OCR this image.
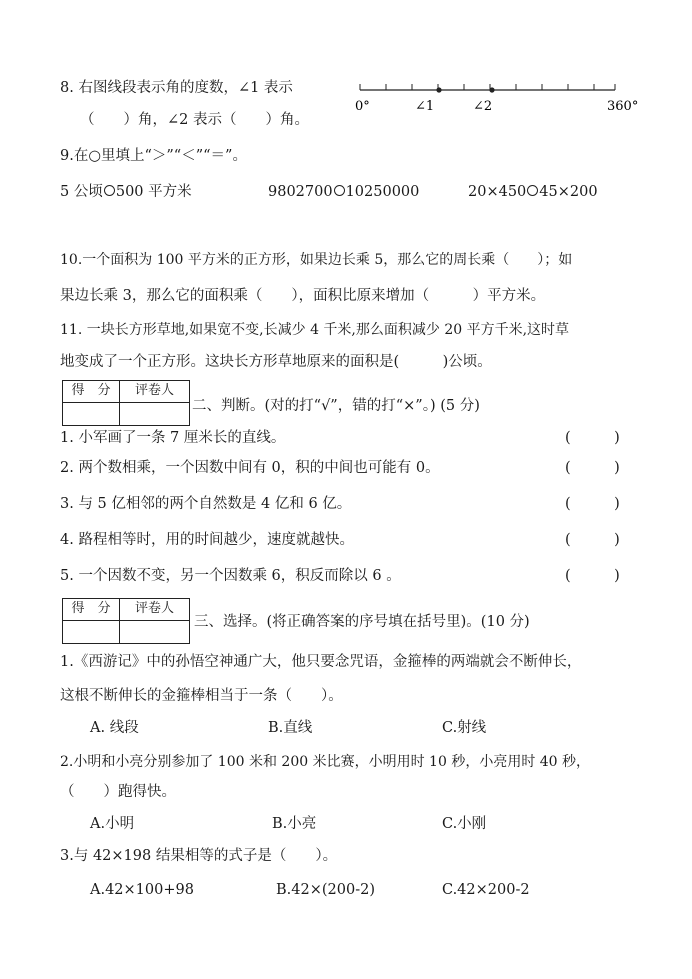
8. 右图线段表示角的度数，∠1 表示
（　　）角，∠2 表示（　　）角。
0°	∠1	∠2	360°
9.在○里填上“＞”“＜”“＝”。
5 公顷 500 平方米	9802700 10250000	20×450 45×200
10.一个面积为 100 平方米的正方形，如果边长乘 5，那么它的周长乘（　　）；如
果边长乘 3，那么它的面积乘（　　），面积比原来增加（　　　）平方米。
11. 一块长方形草地,如果宽不变,长减少 4 千米,那么面积减少 20 平方千米,这时草
地变成了一个正方形。这块长方形草地原来的面积是(　　　)公顷。
得　分	评卷人
二、判断。(对的打“√”，错的打“×”。) (5 分)
1. 小军画了一条 7 厘米长的直线。	(　　　)
2. 两个数相乘，一个因数中间有 0，积的中间也可能有 0。	(　　　)
3. 与 5 亿相邻的两个自然数是 4 亿和 6 亿。	(　　　)
4. 路程相等时，用的时间越少，速度就越快。	(　　　)
5. 一个因数不变，另一个因数乘 6，积反而除以 6 。	(　　　)
得　分	评卷人
三、选择。(将正确答案的序号填在括号里)。(10 分)
1.《西游记》中的孙悟空神通广大，他只要念咒语，金箍棒的两端就会不断伸长，
这根不断伸长的金箍棒相当于一条（　　）。
A. 线段	B.直线	C.射线
2.小明和小亮分别参加了 100 米和 200 米比赛，小明用时 10 秒，小亮用时 40 秒，
（　　）跑得快。
A.小明	B.小亮	C.小刚
3.与 42×198 结果相等的式子是（　　）。
A.42×100+98	B.42×(200-2)	C.42×200-2
